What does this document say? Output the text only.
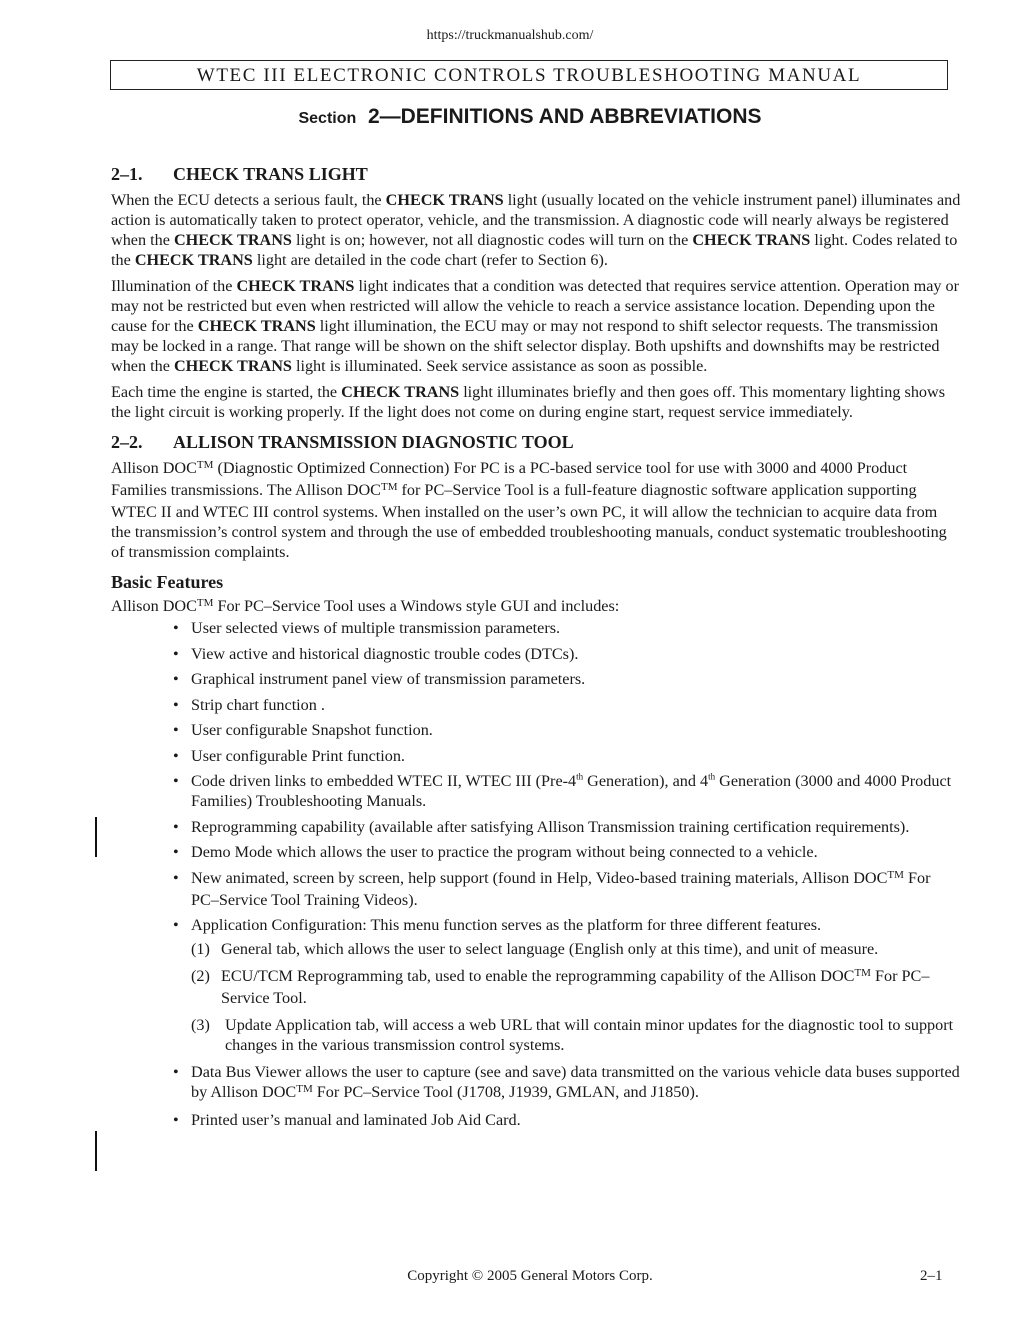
https://truckmanualshub.com/
WTEC III ELECTRONIC CONTROLS TROUBLESHOOTING MANUAL
Section 2—DEFINITIONS AND ABBREVIATIONS
2–1. CHECK TRANS LIGHT

When the ECU detects a serious fault, the CHECK TRANS light (usually located on the vehicle instrument panel) illuminates and action is automatically taken to protect operator, vehicle, and the transmission. A diagnostic code will nearly always be registered when the CHECK TRANS light is on; however, not all diagnostic codes will turn on the CHECK TRANS light. Codes related to the CHECK TRANS light are detailed in the code chart (refer to Section 6).

Illumination of the CHECK TRANS light indicates that a condition was detected that requires service attention. Operation may or may not be restricted but even when restricted will allow the vehicle to reach a service assistance location. Depending upon the cause for the CHECK TRANS light illumination, the ECU may or may not respond to shift selector requests. The transmission may be locked in a range. That range will be shown on the shift selector display. Both upshifts and downshifts may be restricted when the CHECK TRANS light is illuminated. Seek service assistance as soon as possible.

Each time the engine is started, the CHECK TRANS light illuminates briefly and then goes off. This momentary lighting shows the light circuit is working properly. If the light does not come on during engine start, request service immediately.

2–2. ALLISON TRANSMISSION DIAGNOSTIC TOOL

Allison DOC™ (Diagnostic Optimized Connection) For PC is a PC-based service tool for use with 3000 and 4000 Product Families transmissions. The Allison DOC™ for PC–Service Tool is a full-feature diagnostic software application supporting WTEC II and WTEC III control systems. When installed on the user’s own PC, it will allow the technician to acquire data from the transmission’s control system and through the use of embedded troubleshooting manuals, conduct systematic troubleshooting of transmission complaints.

Basic Features

Allison DOC™ For PC–Service Tool uses a Windows style GUI and includes:

• User selected views of multiple transmission parameters.
• View active and historical diagnostic trouble codes (DTCs).
• Graphical instrument panel view of transmission parameters.
• Strip chart function .
• User configurable Snapshot function.
• User configurable Print function.
• Code driven links to embedded WTEC II, WTEC III (Pre-4th Generation), and 4th Generation (3000 and 4000 Product Families) Troubleshooting Manuals.
• Reprogramming capability (available after satisfying Allison Transmission training certification requirements).
• Demo Mode which allows the user to practice the program without being connected to a vehicle.
• New animated, screen by screen, help support (found in Help, Video-based training materials, Allison DOC™ For PC–Service Tool Training Videos).
• Application Configuration: This menu function serves as the platform for three different features.
(1) General tab, which allows the user to select language (English only at this time), and unit of measure.
(2) ECU/TCM Reprogramming tab, used to enable the reprogramming capability of the Allison DOC™ For PC–Service Tool.
(3) Update Application tab, will access a web URL that will contain minor updates for the diagnostic tool to support changes in the various transmission control systems.
• Data Bus Viewer allows the user to capture (see and save) data transmitted on the various vehicle data buses supported by Allison DOC™ For PC–Service Tool (J1708, J1939, GMLAN, and J1850).
• Printed user’s manual and laminated Job Aid Card.
Copyright © 2005 General Motors Corp.	2–1
